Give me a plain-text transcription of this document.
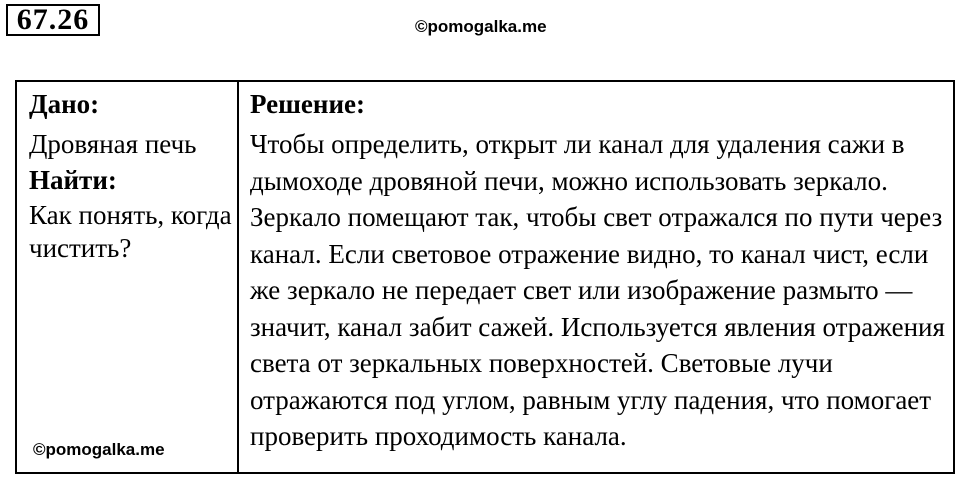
67.26	©pomogalka.me
Дано:
Дровяная печь
Найти:
Как понять, когда чистить?
©pomogalka.me
Решение:
Чтобы определить, открыт ли канал для удаления сажи в дымоходе дровяной печи, можно использовать зеркало. Зеркало помещают так, чтобы свет отражался по пути через канал. Если световое отражение видно, то канал чист, если же зеркало не передает свет или изображение размыто — значит, канал забит сажей. Используется явления отражения света от зеркальных поверхностей. Световые лучи отражаются под углом, равным углу падения, что помогает проверить проходимость канала.
